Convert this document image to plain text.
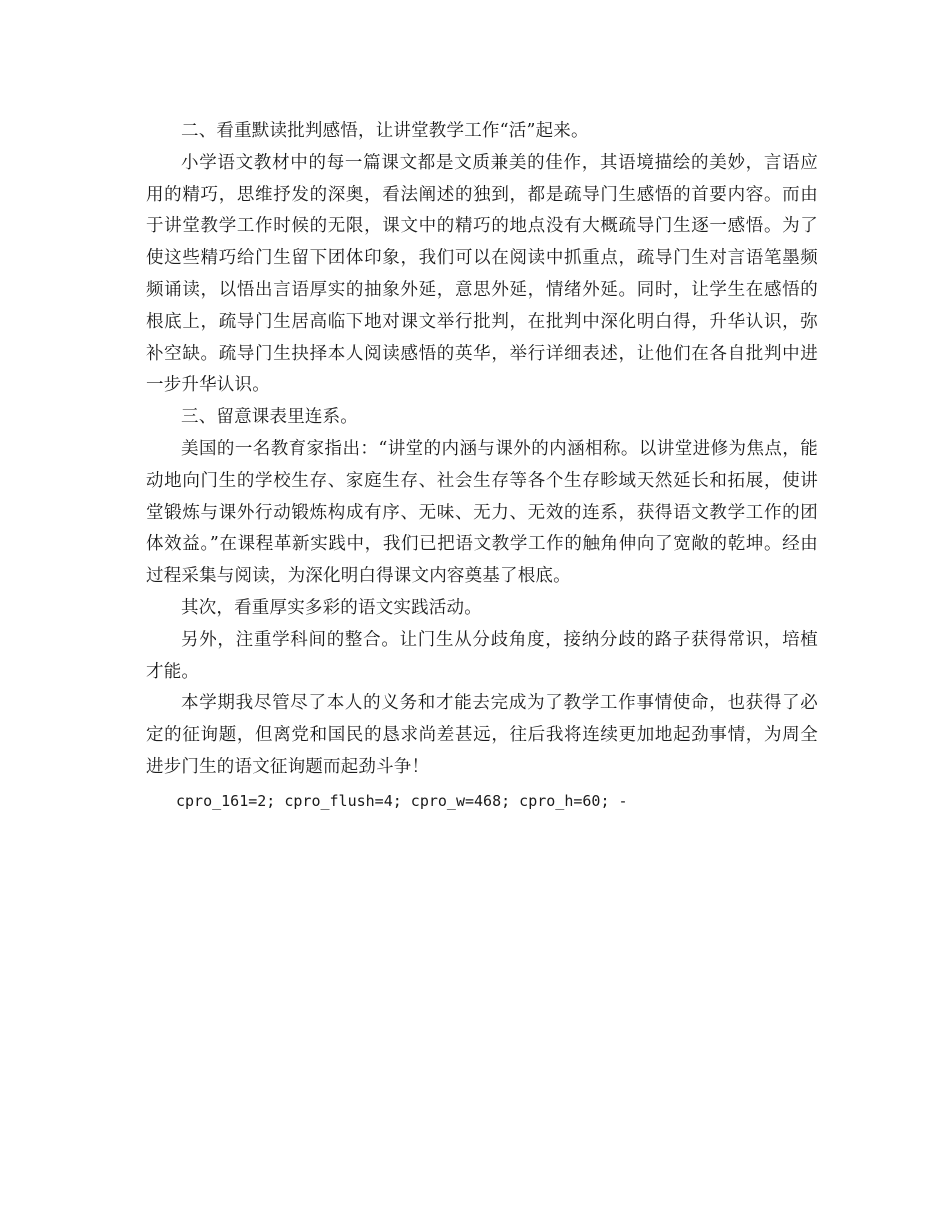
二、看重默读批判感悟，让讲堂教学工作“活”起来。

小学语文教材中的每一篇课文都是文质兼美的佳作，其语境描绘的美妙，言语应用的精巧，思维抒发的深奥，看法阐述的独到，都是疏导门生感悟的首要内容。而由于讲堂教学工作时候的无限，课文中的精巧的地点没有大概疏导门生逐一感悟。为了使这些精巧给门生留下团体印象，我们可以在阅读中抓重点，疏导门生对言语笔墨频频诵读，以悟出言语厚实的抽象外延，意思外延，情绪外延。同时，让学生在感悟的根底上，疏导门生居高临下地对课文举行批判，在批判中深化明白得，升华认识，弥补空缺。疏导门生抉择本人阅读感悟的英华，举行详细表述，让他们在各自批判中进一步升华认识。

三、留意课表里连系。

美国的一名教育家指出：“讲堂的内涵与课外的内涵相称。以讲堂进修为焦点，能动地向门生的学校生存、家庭生存、社会生存等各个生存畛域天然延长和拓展，使讲堂锻炼与课外行动锻炼构成有序、无味、无力、无效的连系，获得语文教学工作的团体效益。”在课程革新实践中，我们已把语文教学工作的触角伸向了宽敞的乾坤。经由过程采集与阅读，为深化明白得课文内容奠基了根底。

其次，看重厚实多彩的语文实践活动。

另外，注重学科间的整合。让门生从分歧角度，接纳分歧的路子获得常识，培植才能。

本学期我尽管尽了本人的义务和才能去完成为了教学工作事情使命，也获得了必定的征询题，但离党和国民的恳求尚差甚远，往后我将连续更加地起劲事情，为周全进步门生的语文征询题而起劲斗争！

cpro_161=2; cpro_flush=4; cpro_w=468; cpro_h=60; -
